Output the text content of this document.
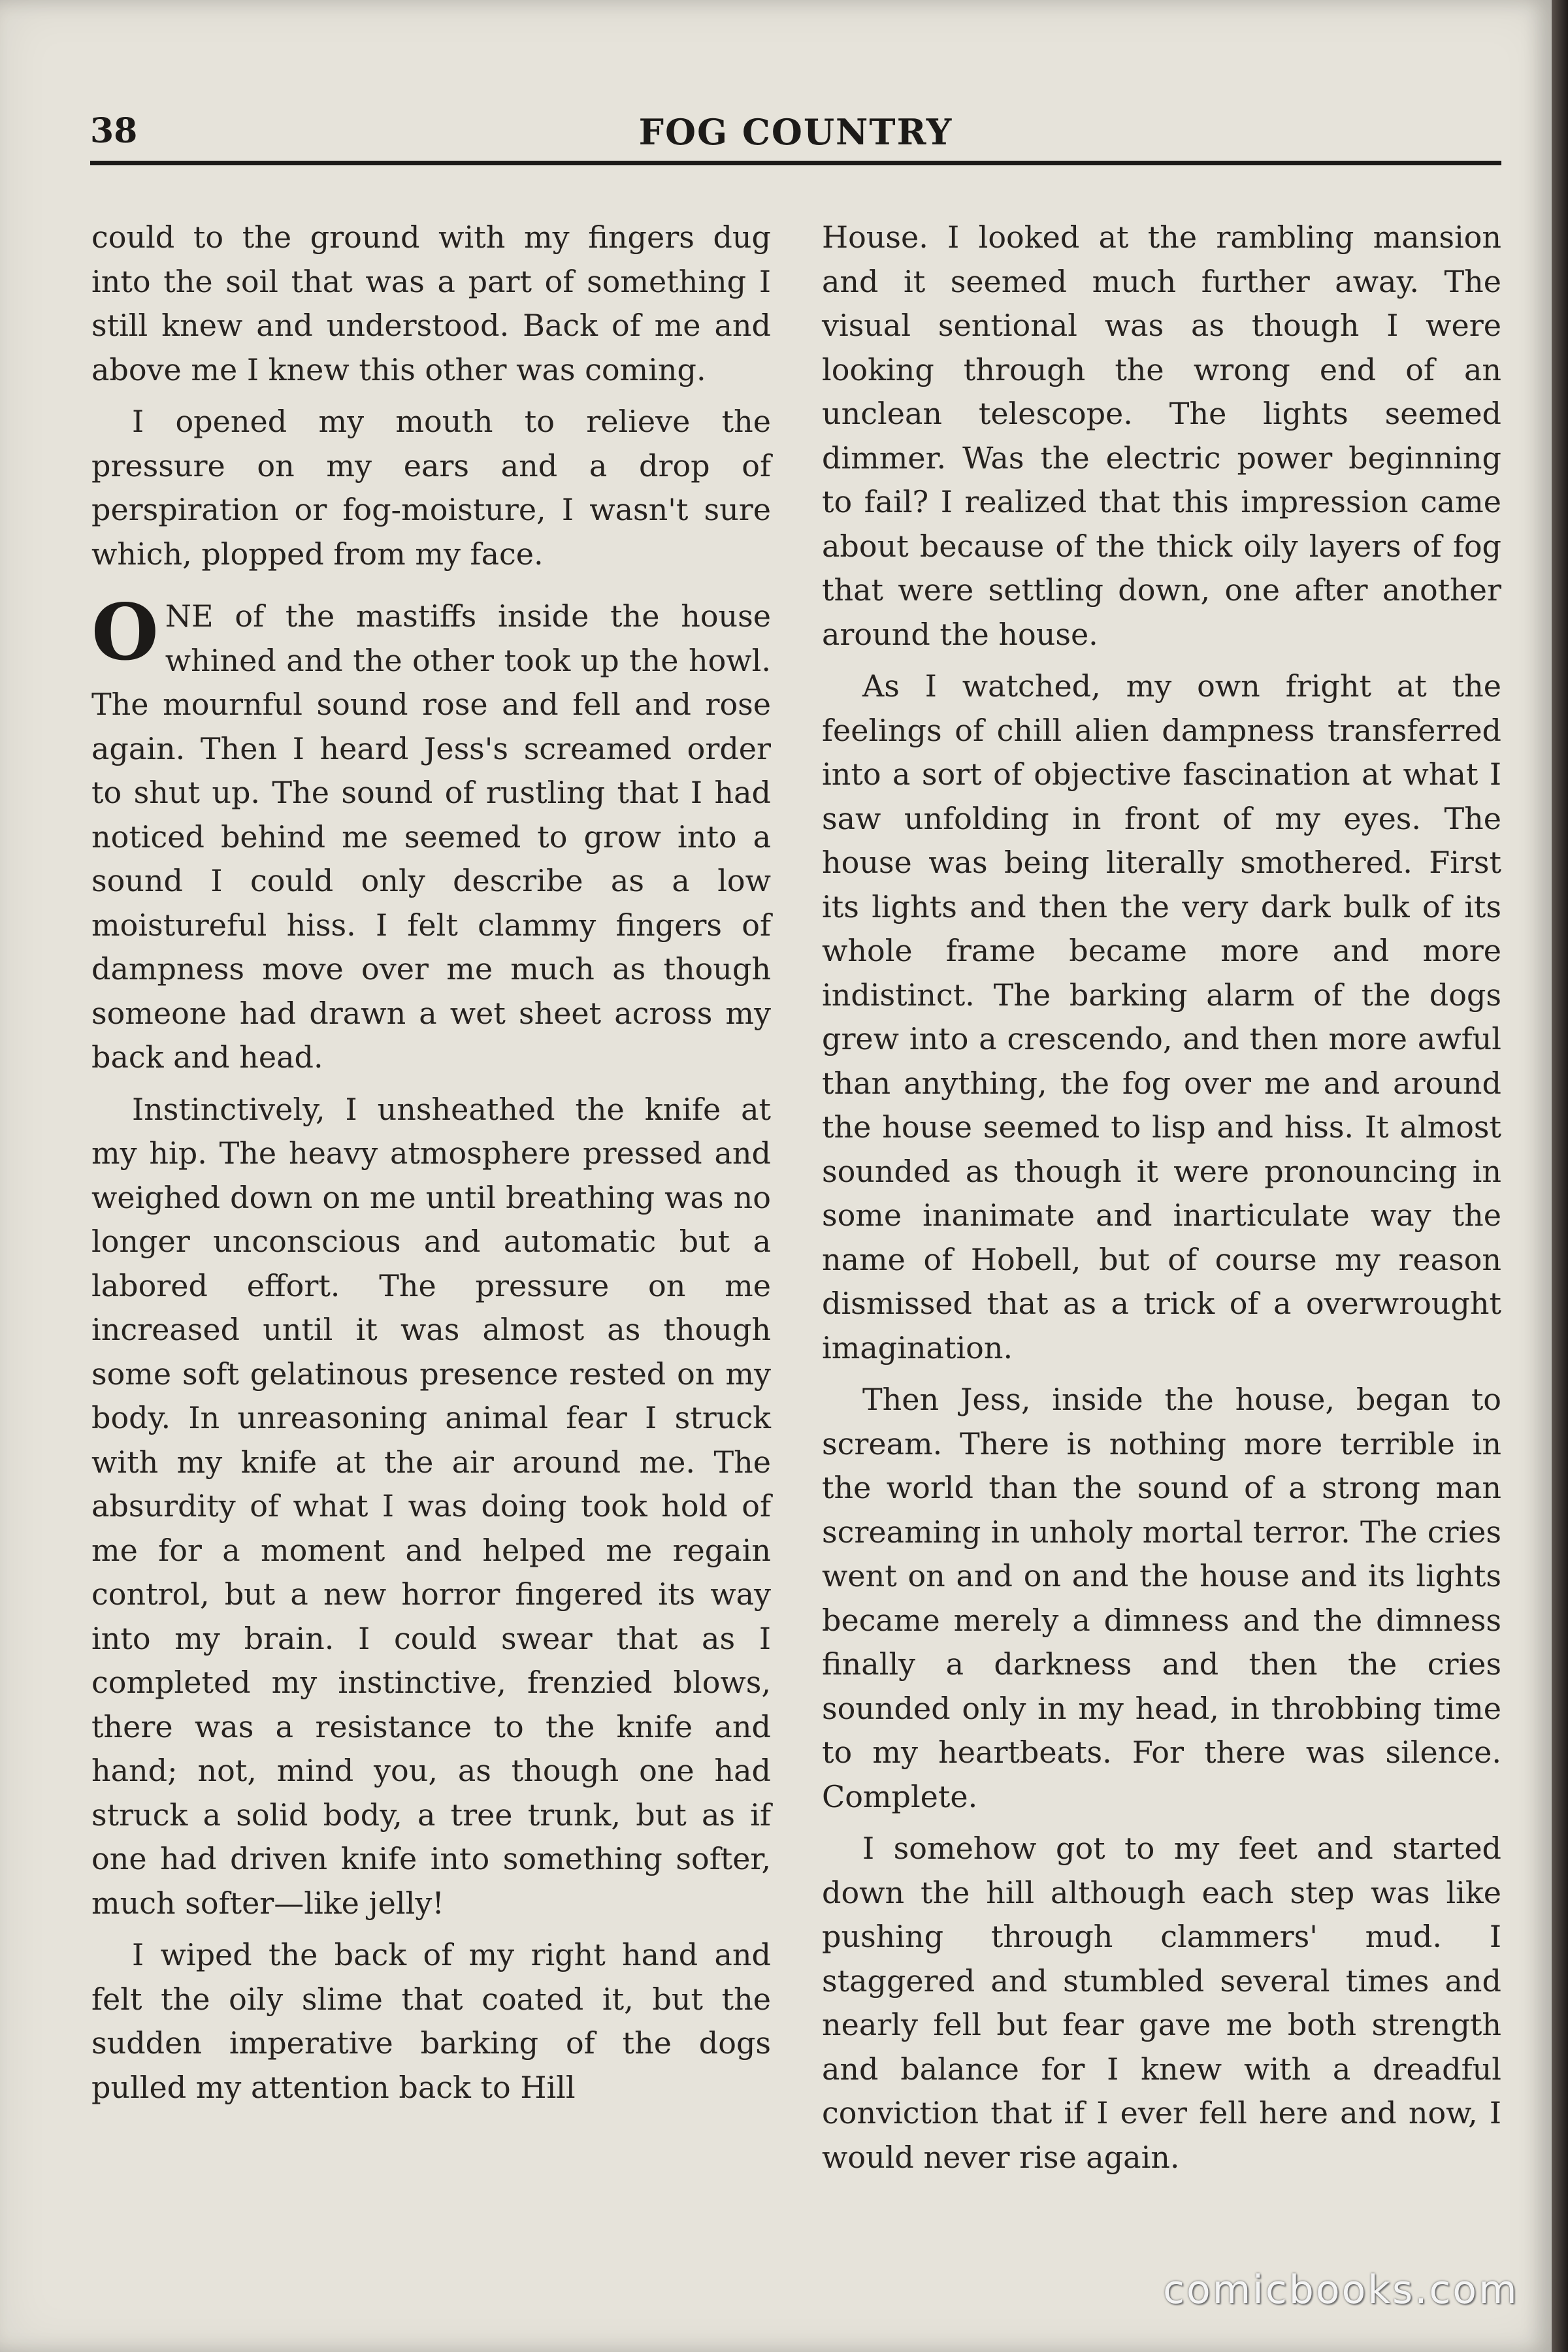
38	FOG COUNTRY

could to the ground with my fingers dug into the soil that was a part of something I still knew and understood. Back of me and above me I knew this other was coming.

I opened my mouth to relieve the pressure on my ears and a drop of perspiration or fog-moisture, I wasn't sure which, plopped from my face.

ONE of the mastiffs inside the house whined and the other took up the howl. The mournful sound rose and fell and rose again. Then I heard Jess's screamed order to shut up. The sound of rustling that I had noticed behind me seemed to grow into a sound I could only describe as a low moistureful hiss. I felt clammy fingers of dampness move over me much as though someone had drawn a wet sheet across my back and head.

Instinctively, I unsheathed the knife at my hip. The heavy atmosphere pressed and weighed down on me until breathing was no longer unconscious and automatic but a labored effort. The pressure on me increased until it was almost as though some soft gelatinous presence rested on my body. In unreasoning animal fear I struck with my knife at the air around me. The absurdity of what I was doing took hold of me for a moment and helped me regain control, but a new horror fingered its way into my brain. I could swear that as I completed my instinctive, frenzied blows, there was a resistance to the knife and hand; not, mind you, as though one had struck a solid body, a tree trunk, but as if one had driven knife into something softer, much softer—like jelly!

I wiped the back of my right hand and felt the oily slime that coated it, but the sudden imperative barking of the dogs pulled my attention back to Hill

House. I looked at the rambling mansion and it seemed much further away. The visual sentional was as though I were looking through the wrong end of an unclean telescope. The lights seemed dimmer. Was the electric power beginning to fail? I realized that this impression came about because of the thick oily layers of fog that were settling down, one after another around the house.

As I watched, my own fright at the feelings of chill alien dampness transferred into a sort of objective fascination at what I saw unfolding in front of my eyes. The house was being literally smothered. First its lights and then the very dark bulk of its whole frame became more and more indistinct. The barking alarm of the dogs grew into a crescendo, and then more awful than anything, the fog over me and around the house seemed to lisp and hiss. It almost sounded as though it were pronouncing in some inanimate and inarticulate way the name of Hobell, but of course my reason dismissed that as a trick of a overwrought imagination.

Then Jess, inside the house, began to scream. There is nothing more terrible in the world than the sound of a strong man screaming in unholy mortal terror. The cries went on and on and the house and its lights became merely a dimness and the dimness finally a darkness and then the cries sounded only in my head, in throbbing time to my heartbeats. For there was silence. Complete.

I somehow got to my feet and started down the hill although each step was like pushing through clammers' mud. I staggered and stumbled several times and nearly fell but fear gave me both strength and balance for I knew with a dreadful conviction that if I ever fell here and now, I would never rise again.

comicbooks.com
